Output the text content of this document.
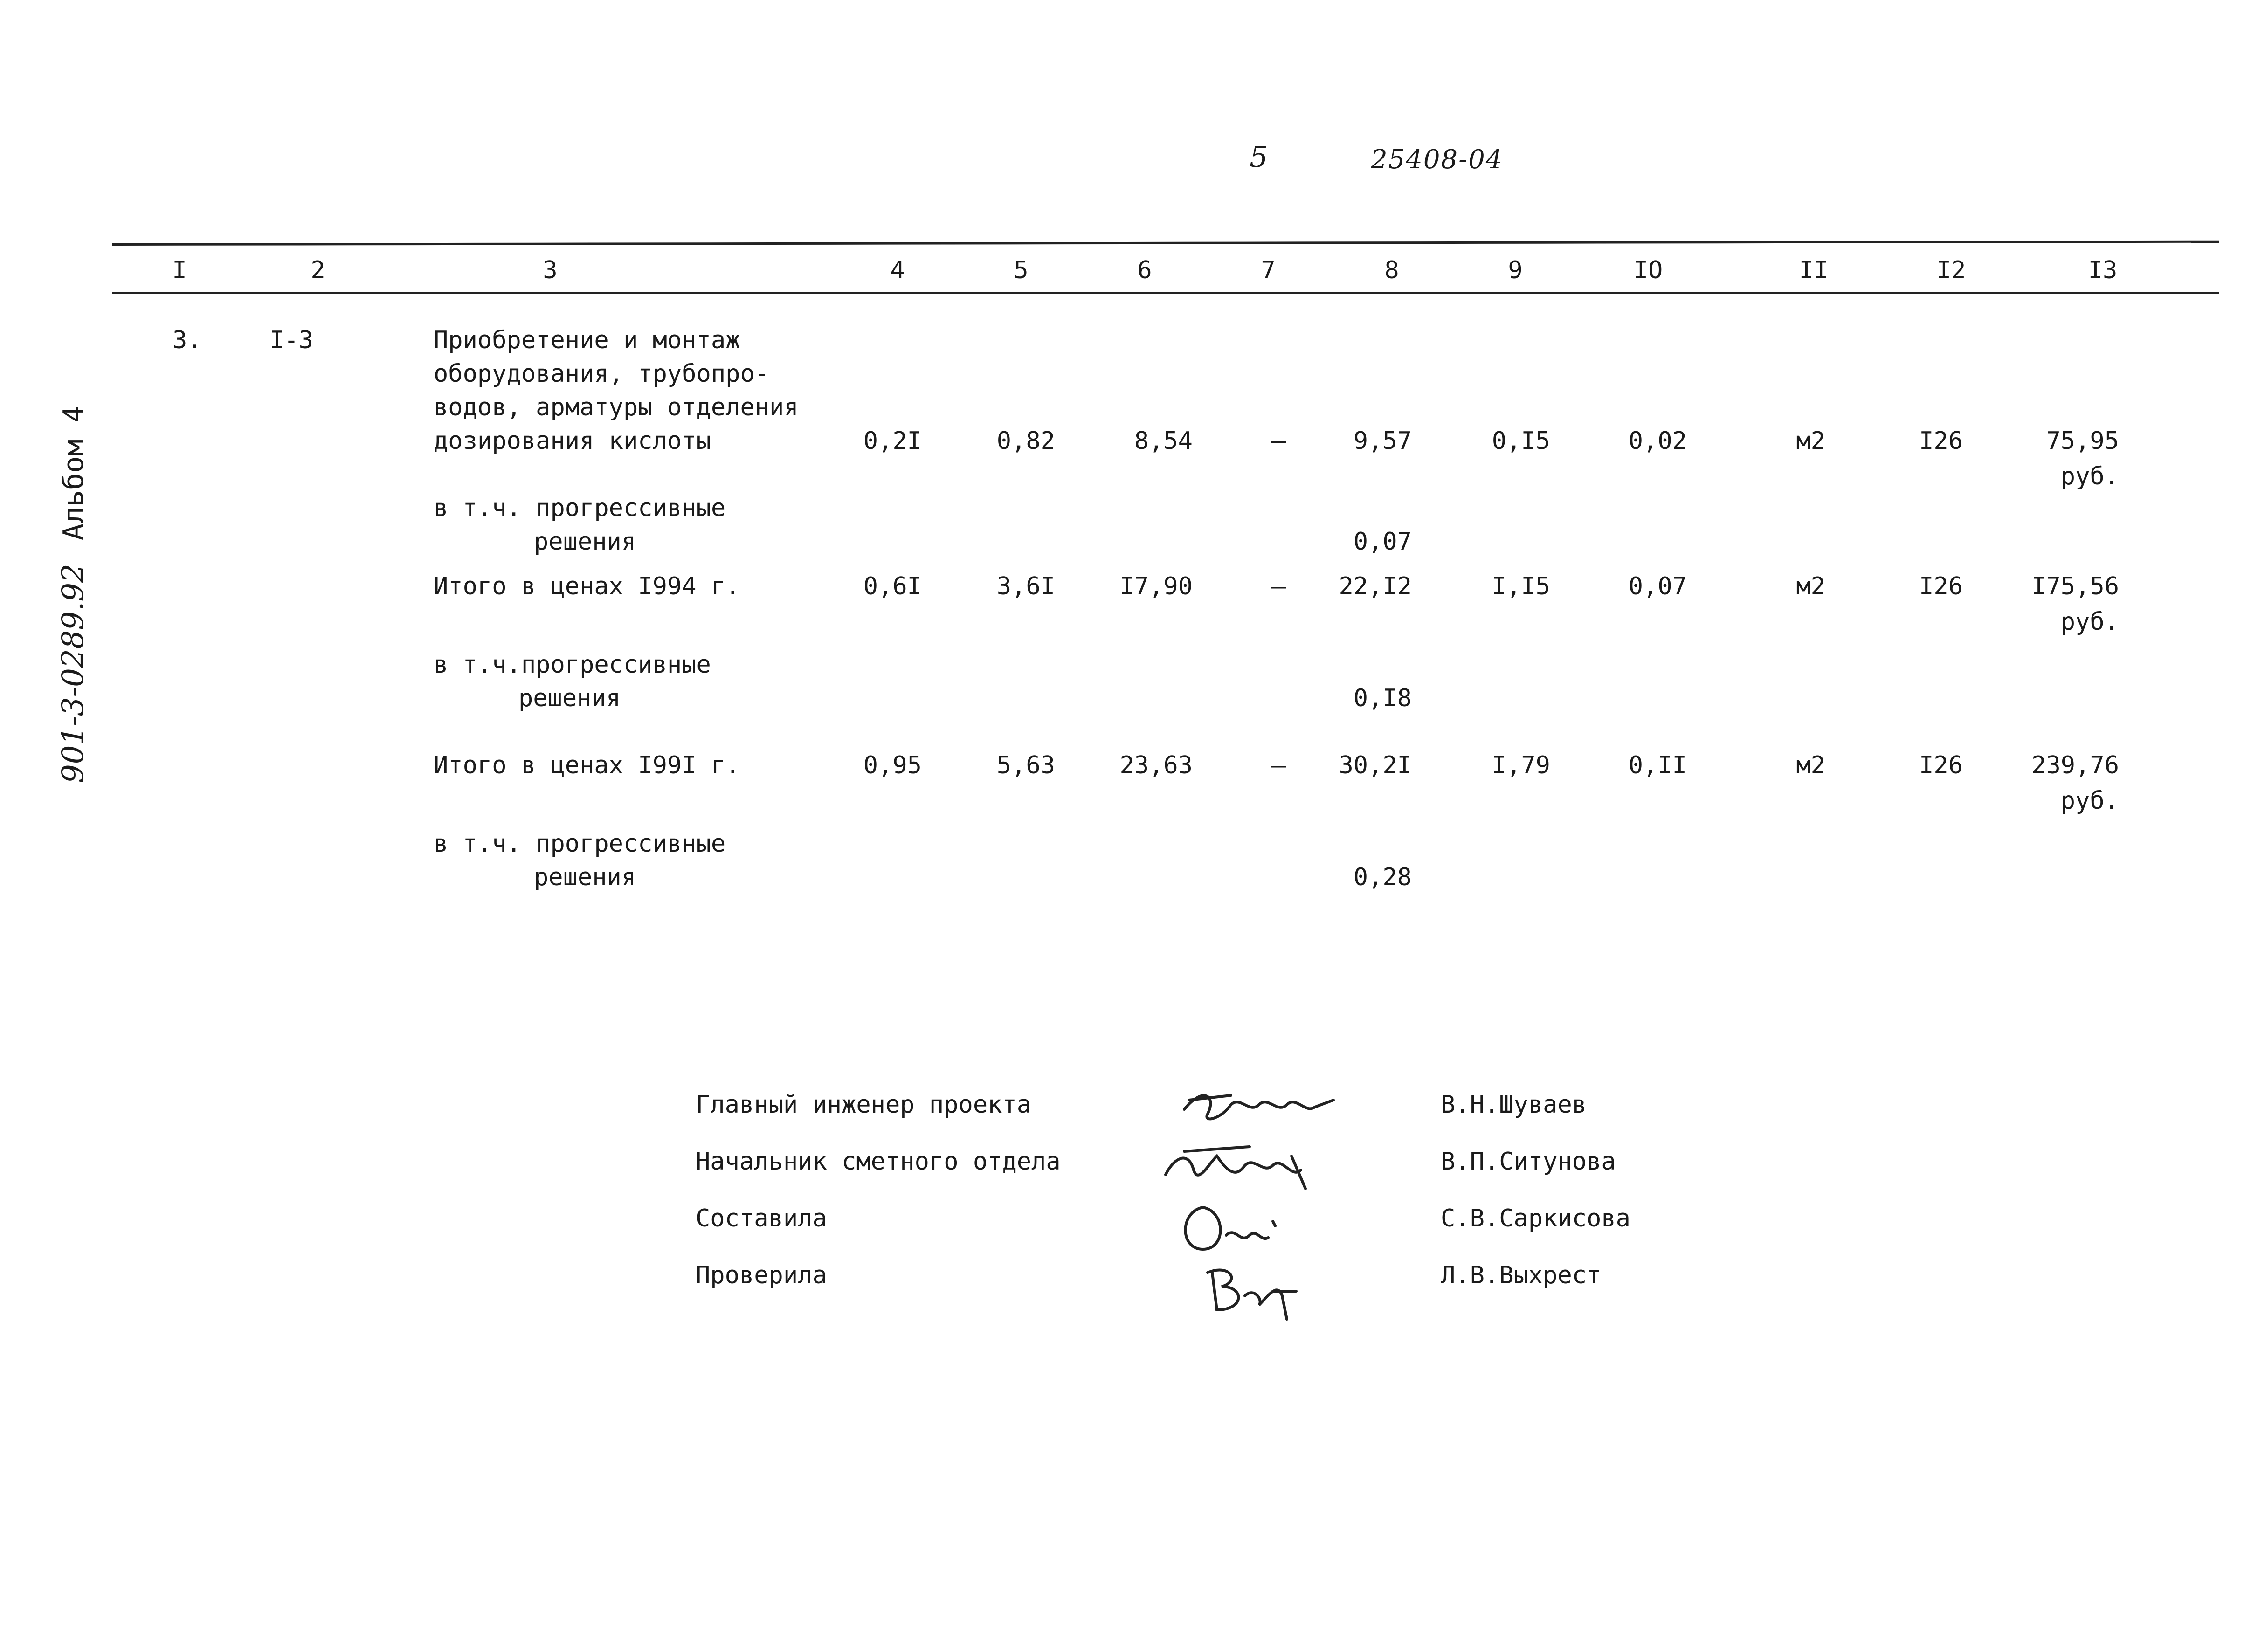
5	25408-04
901-3-0289.92Альбом 4
I	2	3	4	5	6	7	8	9	IO	II	I2	I3
3.	I-3	Приобретение и монтаж
оборудования, трубопро-
водов, арматуры отделения
дозирования кислоты	0,2I	0,82	8,54	–	9,57	0,I5	0,02	м2	I26	75,95
руб.
в т.ч. прогрессивные
решения	0,07
Итого в ценах I994 г.	0,6I	3,6I	I7,90	– 22,I2	I,I5	0,07	м2	I26	I75,56
руб.
в т.ч.прогрессивные
решения	0,I8
Итого в ценах I99I г.	0,95	5,63	23,63	– 30,2I	I,79	0,II	м2	I26	239,76
руб.
в т.ч. прогрессивные
решения	0,28
Главный инженер проекта	В.Н.Шуваев
Начальник сметного отдела	В.П.Ситунова
Составила	С.В.Саркисова
Проверила	Л.В.Выхрест
